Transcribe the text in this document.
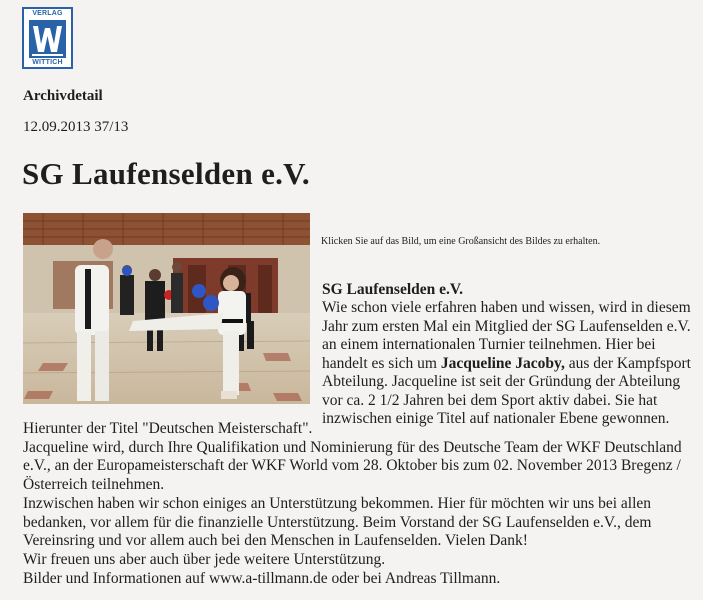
VERLAG
WITTICH
Archivdetail
12.09.2013 37/13
SG Laufenselden e.V.
Klicken Sie auf das Bild, um eine Großansicht des Bildes zu erhalten.
SG Laufenselden e.V.

Wie schon viele erfahren haben und wissen, wird in diesem

Jahr zum ersten Mal ein Mitglied der SG Laufenselden e.V.

an einem internationalen Turnier teilnehmen. Hier bei

handelt es sich um Jacqueline Jacoby, aus der Kampfsport

Abteilung. Jacqueline ist seit der Gründung der Abteilung

vor ca. 2 1/2 Jahren bei dem Sport aktiv dabei. Sie hat

inzwischen einige Titel auf nationaler Ebene gewonnen.

Hierunter der Titel "Deutschen Meisterschaft".

Jacqueline wird, durch Ihre Qualifikation und Nominierung für des Deutsche Team der WKF Deutschland

e.V., an der Europameisterschaft der WKF World vom 28. Oktober bis zum 02. November 2013 Bregenz /

Österreich teilnehmen.

Inzwischen haben wir schon einiges an Unterstützung bekommen. Hier für möchten wir uns bei allen

bedanken, vor allem für die finanzielle Unterstützung. Beim Vorstand der SG Laufenselden e.V., dem

Vereinsring und vor allem auch bei den Menschen in Laufenselden. Vielen Dank!

Wir freuen uns aber auch über jede weitere Unterstützung.

Bilder und Informationen auf www.a-tillmann.de oder bei Andreas Tillmann.
